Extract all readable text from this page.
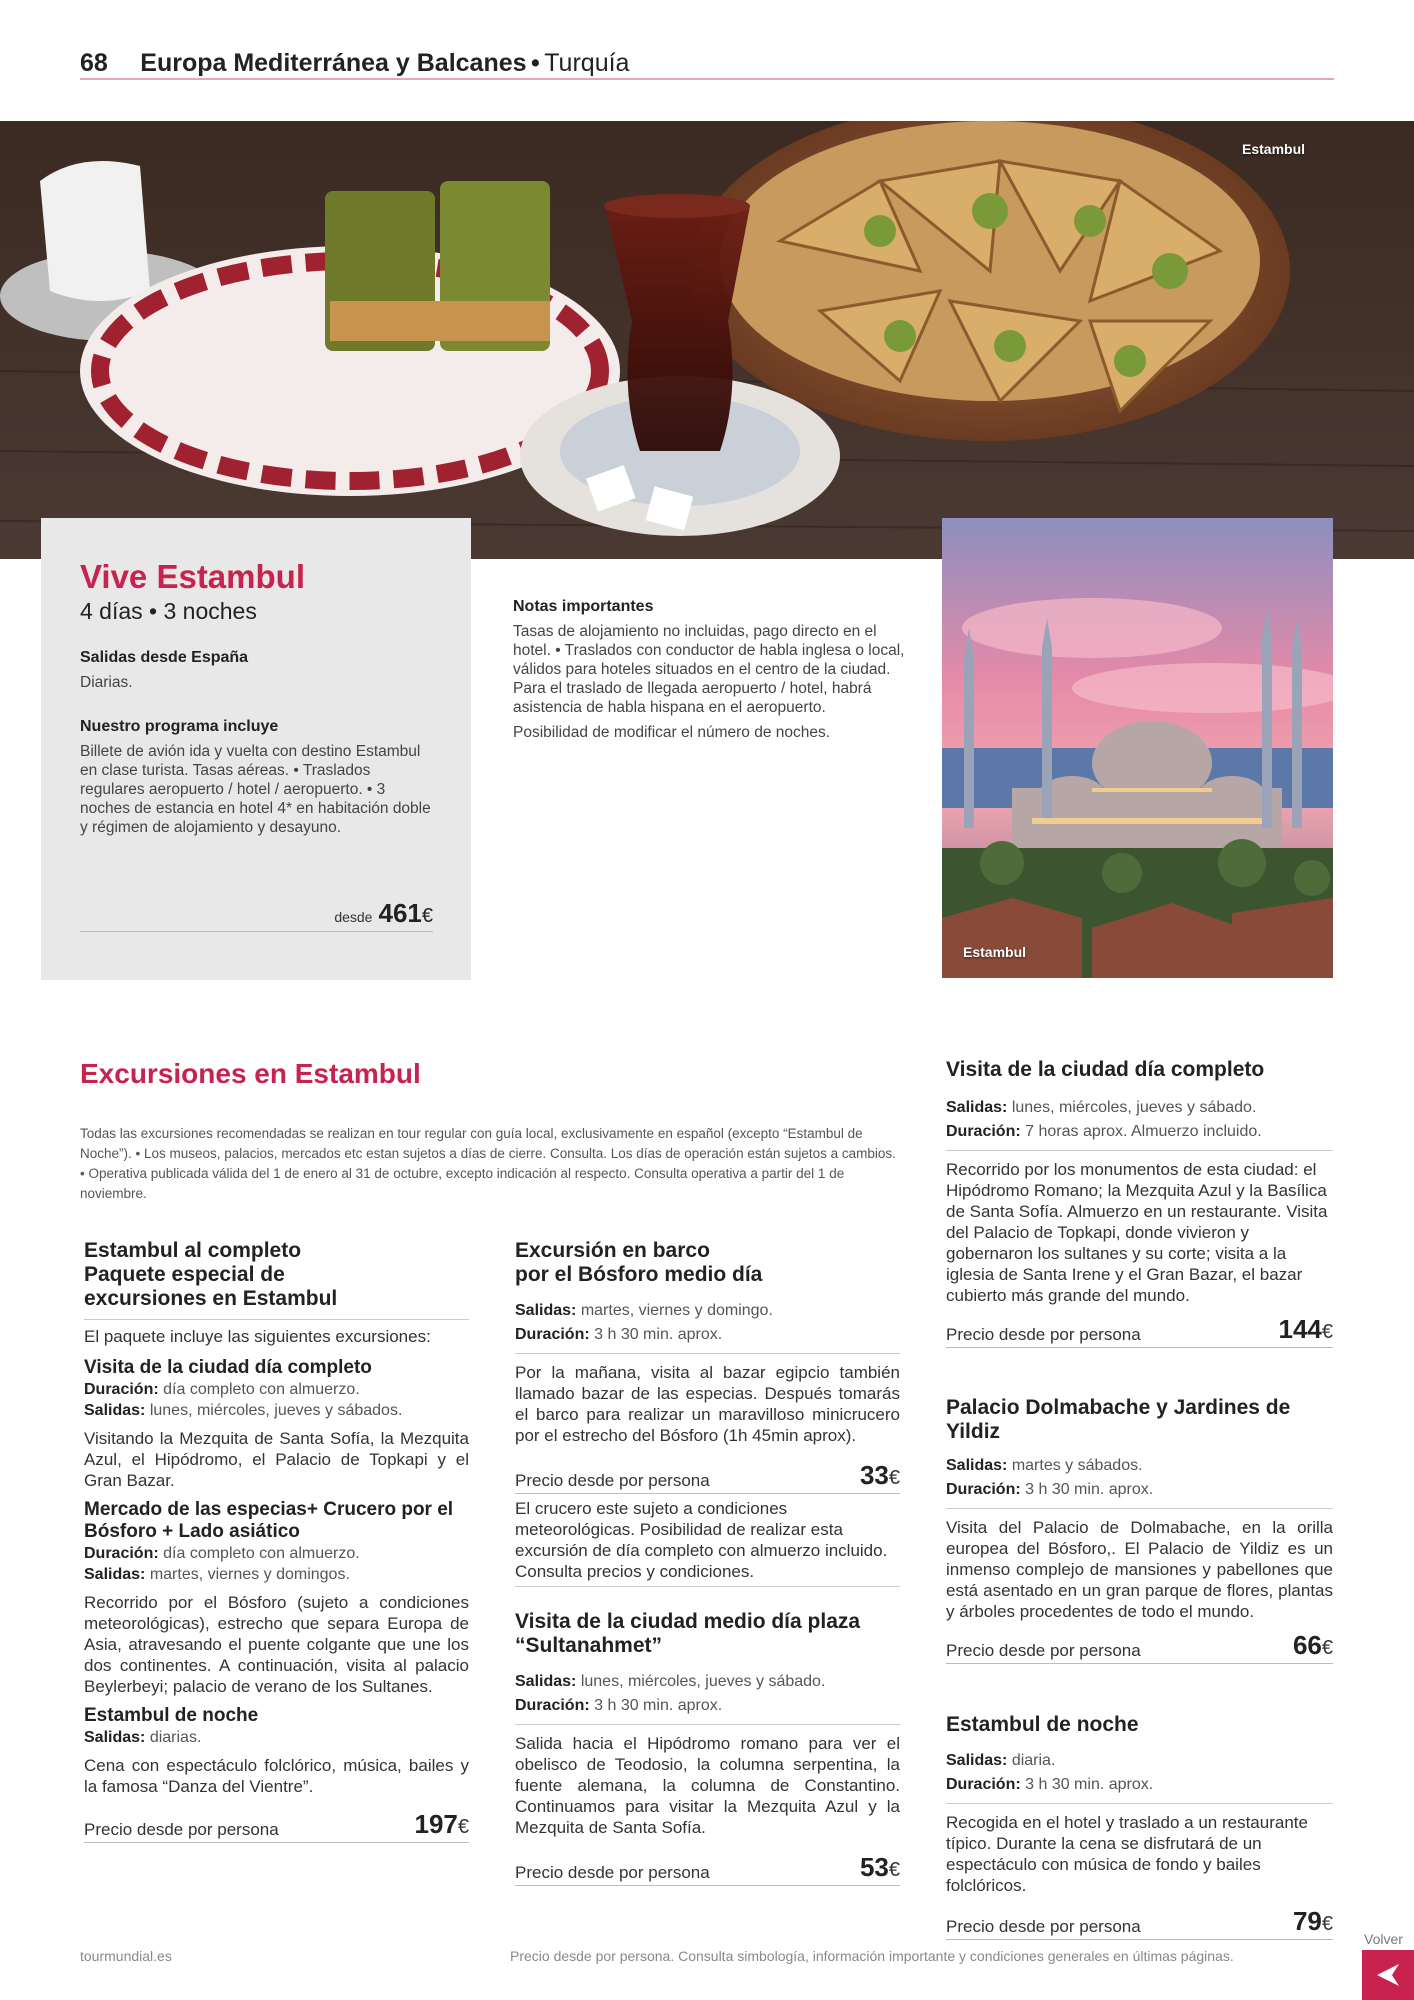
68 Europa Mediterránea y Balcanes • Turquía
Estambul
Vive Estambul
4 días • 3 noches
Salidas desde España

Diarias.

Nuestro programa incluye

Billete de avión ida y vuelta con destino Estambul en clase turista. Tasas aéreas. • Traslados regulares aeropuerto / hotel / aeropuerto. • 3 noches de estancia en hotel 4* en habitación doble y régimen de alojamiento y desayuno.

desde 461€
Notas importantes

Tasas de alojamiento no incluidas, pago directo en el hotel. • Traslados con conductor de habla inglesa o local, válidos para hoteles situados en el centro de la ciudad. Para el traslado de llegada aeropuerto / hotel, habrá asistencia de habla hispana en el aeropuerto.

Posibilidad de modificar el número de noches.

Estambul
Excursiones en Estambul
Todas las excursiones recomendadas se realizan en tour regular con guía local, exclusivamente en español (excepto “Estambul de Noche”). • Los museos, palacios, mercados etc estan sujetos a días de cierre. Consulta. Los días de operación están sujetos a cambios. • Operativa publicada válida del 1 de enero al 31 de octubre, excepto indicación al respecto. Consulta operativa a partir del 1 de noviembre.
Estambul al completo
Paquete especial de
excursiones en Estambul

El paquete incluye las siguientes excursiones:

Visita de la ciudad día completo

Duración: día completo con almuerzo.

Salidas: lunes, miércoles, jueves y sábados.

Visitando la Mezquita de Santa Sofía, la Mezquita Azul, el Hipódromo, el Palacio de Topkapi y el Gran Bazar.

Mercado de las especias+ Crucero por el Bósforo + Lado asiático

Duración: día completo con almuerzo.

Salidas: martes, viernes y domingos.

Recorrido por el Bósforo (sujeto a condiciones meteorológicas), estrecho que separa Europa de Asia, atravesando el puente colgante que une los dos continentes. A continuación, visita al palacio Beylerbeyi; palacio de verano de los Sultanes.

Estambul de noche

Salidas: diarias.

Cena con espectáculo folclórico, música, bailes y la famosa “Danza del Vientre”.

Precio desde por persona	197€
Excursión en barco
por el Bósforo medio día

Salidas: martes, viernes y domingo.

Duración: 3 h 30 min. aprox.

Por la mañana, visita al bazar egipcio también llamado bazar de las especias. Después tomarás el barco para realizar un maravilloso minicrucero por el estrecho del Bósforo (1h 45min aprox).

Precio desde por persona	33€

El crucero este sujeto a condiciones meteorológicas. Posibilidad de realizar esta excursión de día completo con almuerzo incluido. Consulta precios y condiciones.

Visita de la ciudad medio día plaza
“Sultanahmet”

Salidas: lunes, miércoles, jueves y sábado.

Duración: 3 h 30 min. aprox.

Salida hacia el Hipódromo romano para ver el obelisco de Teodosio, la columna serpentina, la fuente alemana, la columna de Constantino. Continuamos para visitar la Mezquita Azul y la Mezquita de Santa Sofía.

Precio desde por persona	53€
Visita de la ciudad día completo

Salidas: lunes, miércoles, jueves y sábado.

Duración: 7 horas aprox. Almuerzo incluido.

Recorrido por los monumentos de esta ciudad: el Hipódromo Romano; la Mezquita Azul y la Basílica de Santa Sofía. Almuerzo en un restaurante. Visita del Palacio de Topkapi, donde vivieron y gobernaron los sultanes y su corte; visita a la iglesia de Santa Irene y el Gran Bazar, el bazar cubierto más grande del mundo.

Precio desde por persona	144€
Palacio Dolmabache y Jardines de
Yildiz

Salidas: martes y sábados.

Duración: 3 h 30 min. aprox.

Visita del Palacio de Dolmabache, en la orilla europea del Bósforo,. El Palacio de Yildiz es un inmenso complejo de mansiones y pabellones que está asentado en un gran parque de flores, plantas y árboles procedentes de todo el mundo.

Precio desde por persona	66€
Estambul de noche

Salidas: diaria.

Duración: 3 h 30 min. aprox.

Recogida en el hotel y traslado a un restaurante típico. Durante la cena se disfrutará de un espectáculo con música de fondo y bailes folclóricos.

Precio desde por persona	79€
tourmundial.es	Precio desde por persona. Consulta simbología, información importante y condiciones generales en últimas páginas.
Volver
